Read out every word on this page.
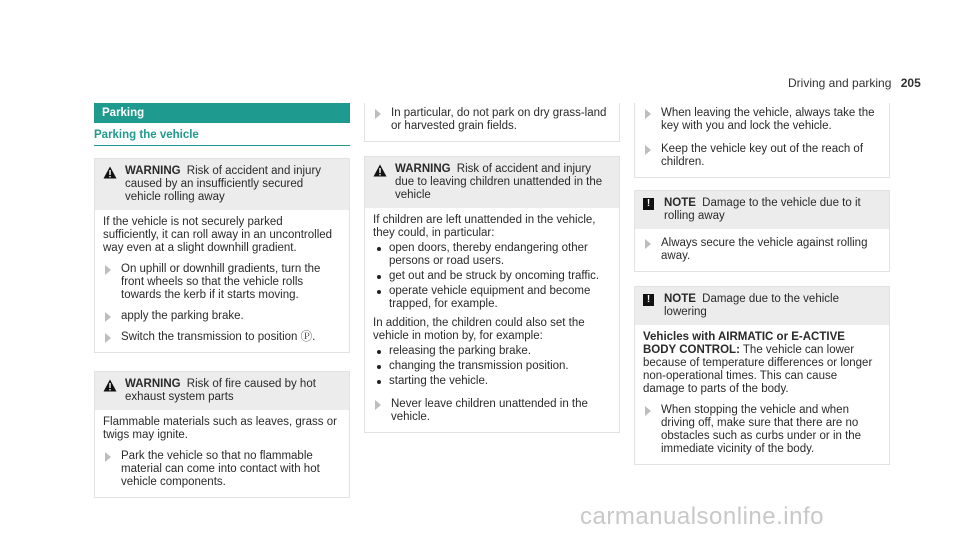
Driving and parking 205
Parking
Parking the vehicle
WARNING Risk of accident and injury caused by an insufficiently secured vehicle rolling away
If the vehicle is not securely parked sufficiently, it can roll away in an uncontrolled way even at a slight downhill gradient.
On uphill or downhill gradients, turn the front wheels so that the vehicle rolls towards the kerb if it starts moving.
apply the parking brake.
Switch the transmission to position Ⓟ.
WARNING Risk of fire caused by hot exhaust system parts
Flammable materials such as leaves, grass or twigs may ignite.
Park the vehicle so that no flammable material can come into contact with hot vehicle components.
In particular, do not park on dry grass-land or harvested grain fields.
WARNING Risk of accident and injury due to leaving children unattended in the vehicle
If children are left unattended in the vehicle, they could, in particular:
open doors, thereby endangering other persons or road users.
get out and be struck by oncoming traffic.
operate vehicle equipment and become trapped, for example.
In addition, the children could also set the vehicle in motion by, for example:
releasing the parking brake.
changing the transmission position.
starting the vehicle.
Never leave children unattended in the vehicle.
When leaving the vehicle, always take the key with you and lock the vehicle.
Keep the vehicle key out of the reach of children.
!	NOTE Damage to the vehicle due to it rolling away
Always secure the vehicle against rolling away.
!	NOTE Damage due to the vehicle lowering
Vehicles with AIRMATIC or E-ACTIVE BODY CONTROL: The vehicle can lower because of temperature differences or longer non-operational times. This can cause damage to parts of the body.
When stopping the vehicle and when driving off, make sure that there are no obstacles such as curbs under or in the immediate vicinity of the body.
carmanualsonline.info
